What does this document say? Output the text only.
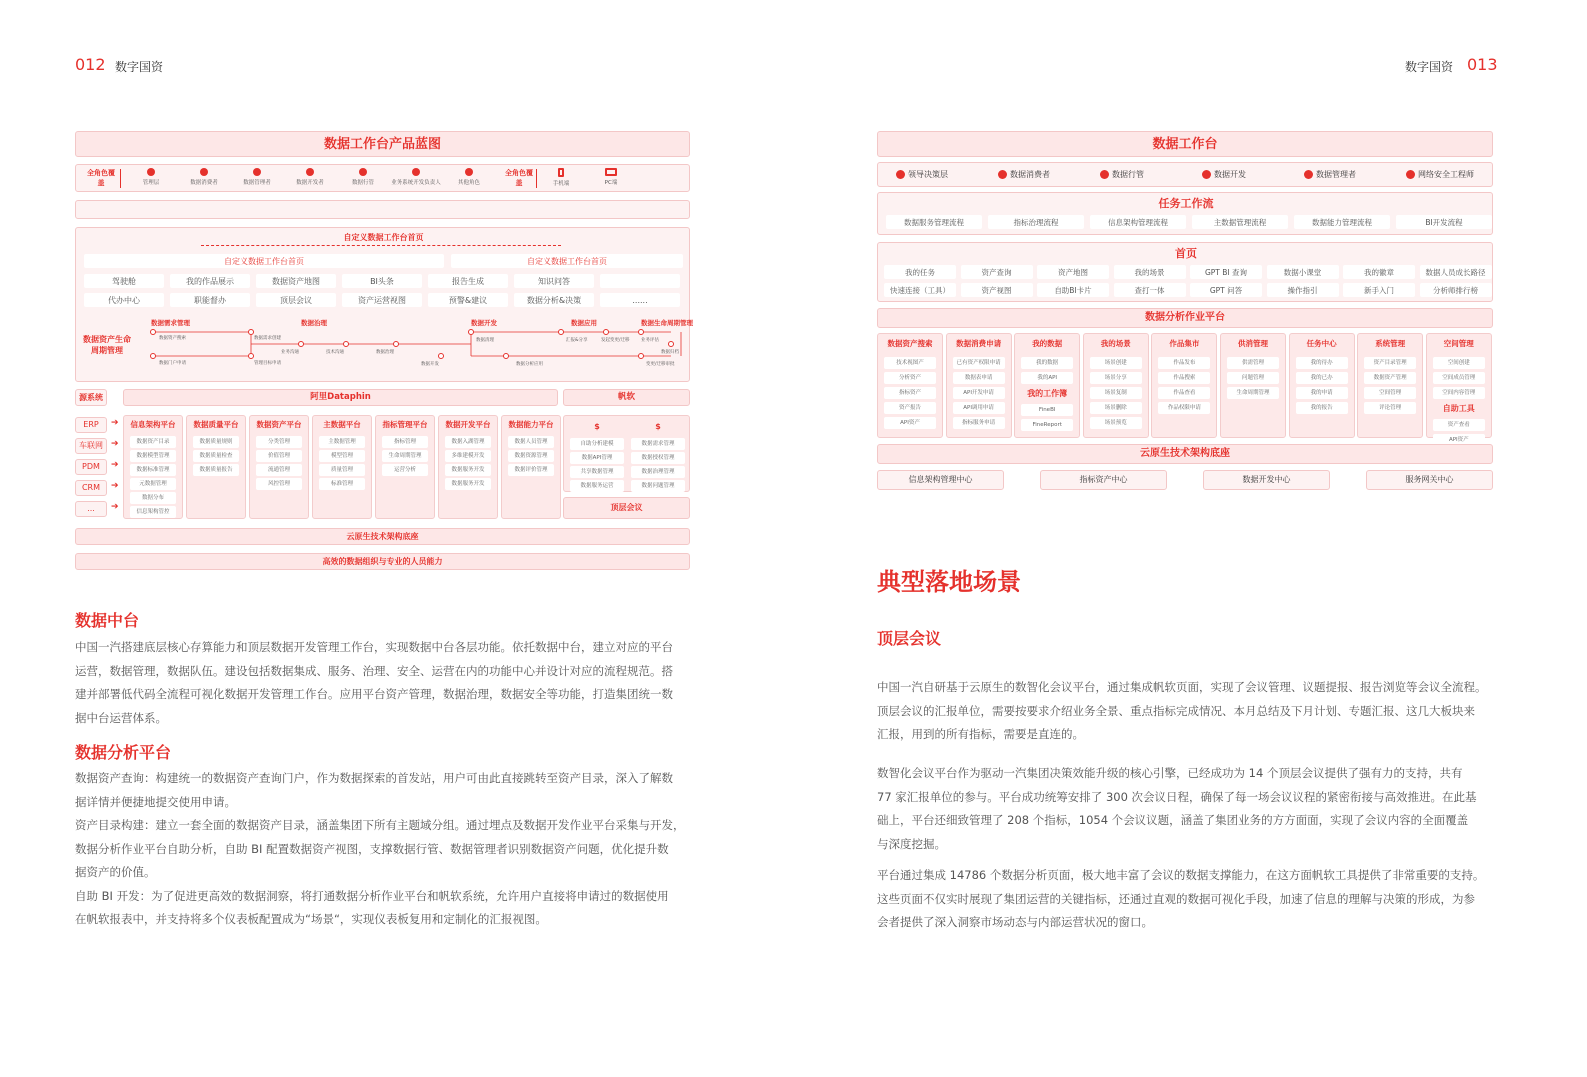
012 数字国资	数字国资 013
数据工作台产品蓝图
全角色覆盖	管理层	数据消费者	数据管理者	数据开发者	数据行管	业务系统开发负责人	其他角色
全角色覆盖	手机端	PC端
自定义数据工作台首页
自定义数据工作台首页	自定义数据工作台首页
驾驶舱	我的作品展示	数据资产地图	BI头条	报告生成	知识问答
代办中心	职能督办	顶层会议	资产运营视图	预警&建议	数据分析&决策	......
数据资产生命周期管理
数据需求管理	数据治理	数据开发	数据应用	数据生命周期管理
数据资产搜索
数据门户申请
数据需求创建
管理目标申请
业务沟通	技术沟通	数据治理
数据开发
数据清理
数据分析应用
汇报&分享	发起变更/迁移	业务评估
变更/迁移审批
数据归档
源系统	阿里Dataphin	帆软
ERP	➔
车联网 ➔
PDM	➔
CRM	➔
...	➔
信息架构平台
数据资产目录
数据模型管理
数据标准管理
元数据管理
数据分布
信息架构管控
数据质量平台
数据质量规则
数据质量检查
数据质量报告
数据资产平台
分类管理
价值管理
流通管理
风控管理
主数据平台
主数据管理
模型管理
质量管理
标准管理
指标管理平台
指标管理
生命周期管理
运营分析
数据开发平台
数据入湖管理
多维建模开发
数据服务开发
数据服务开发
数据能力平台
数据人员管理
数据资源管理
数据评价管理
$
自助分析建模
数据API管理
共享数据管理
数据服务运营
$
数据需求管理
数据授权管理
数据治理管理
数据问题管理
顶层会议
云原生技术架构底座
高效的数据组织与专业的人员能力
数据工作台
领导决策层	数据消费者	数据行管	数据开发	数据管理者	网络安全工程师
任务工作流
数据服务管理流程	指标治理流程	信息架构管理流程	主数据管理流程	数据能力管理流程	BI开发流程
首页
我的任务	资产查询	资产地图	我的场景	GPT BI 查询	数据小课堂	我的徽章	数据人员成长路径
快速连接（工具）	资产视图	自助BI卡片	查打一体	GPT 问答	操作指引	新手入门	分析师排行榜
数据分析作业平台
数据资产搜索
技术视图产
分析资产
指标资产
资产报告
API资产
数据消费申请
已有资产权限申请
数据表申请
API开发申请
API调用申请
指标服务申请
我的数据
我的数据
我的API
我的工作簿
FineBI
FineReport
我的场景
场景创建
场景分享
场景复制
场景删除
场景预览
作品集市
作品发布
作品搜索
作品查看
作品权限申请
供消管理
供需管理
问题管理
生命周期管理
任务中心
我的待办
我的已办
我的申请
我的报告
系统管理
资产目录管理
数据资产管理
空间管理
评论管理
空间管理
空间创建
空间成员管理
空间内容管理
自助工具
资产查看
API资产
云原生技术架构底座
信息架构管理中心	指标资产中心	数据开发中心	服务网关中心
数据中台
中国一汽搭建底层核心存算能力和顶层数据开发管理工作台，实现数据中台各层功能。依托数据中台，建立对应的平台
运营，数据管理，数据队伍。建设包括数据集成、服务、治理、安全、运营在内的功能中心并设计对应的流程规范。搭
建并部署低代码全流程可视化数据开发管理工作台。应用平台资产管理，数据治理，数据安全等功能，打造集团统一数
据中台运营体系。
数据分析平台
数据资产查询：构建统一的数据资产查询门户，作为数据探索的首发站，用户可由此直接跳转至资产目录，深入了解数
据详情并便捷地提交使用申请。
资产目录构建：建立一套全面的数据资产目录，涵盖集团下所有主题域分组。通过埋点及数据开发作业平台采集与开发，
数据分析作业平台自助分析，自助 BI 配置数据资产视图，支撑数据行管、数据管理者识别数据资产问题，优化提升数
据资产的价值。
自助 BI 开发：为了促进更高效的数据洞察，将打通数据分析作业平台和帆软系统，允许用户直接将申请过的数据使用
在帆软报表中，并支持将多个仪表板配置成为“场景“，实现仪表板复用和定制化的汇报视图。
典型落地场景
顶层会议
中国一汽自研基于云原生的数智化会议平台，通过集成帆软页面，实现了会议管理、议题提报、报告浏览等会议全流程。
顶层会议的汇报单位，需要按要求介绍业务全景、重点指标完成情况、本月总结及下月计划、专题汇报、这几大板块来
汇报，用到的所有指标，需要是直连的。
数智化会议平台作为驱动一汽集团决策效能升级的核心引擎，已经成功为 14 个顶层会议提供了强有力的支持，共有
77 家汇报单位的参与。平台成功统筹安排了 300 次会议日程，确保了每一场会议议程的紧密衔接与高效推进。在此基
础上，平台还细致管理了 208 个指标，1054 个会议议题，涵盖了集团业务的方方面面，实现了会议内容的全面覆盖
与深度挖掘。
平台通过集成 14786 个数据分析页面，极大地丰富了会议的数据支撑能力，在这方面帆软工具提供了非常重要的支持。
这些页面不仅实时展现了集团运营的关键指标，还通过直观的数据可视化手段，加速了信息的理解与决策的形成，为参
会者提供了深入洞察市场动态与内部运营状况的窗口。
